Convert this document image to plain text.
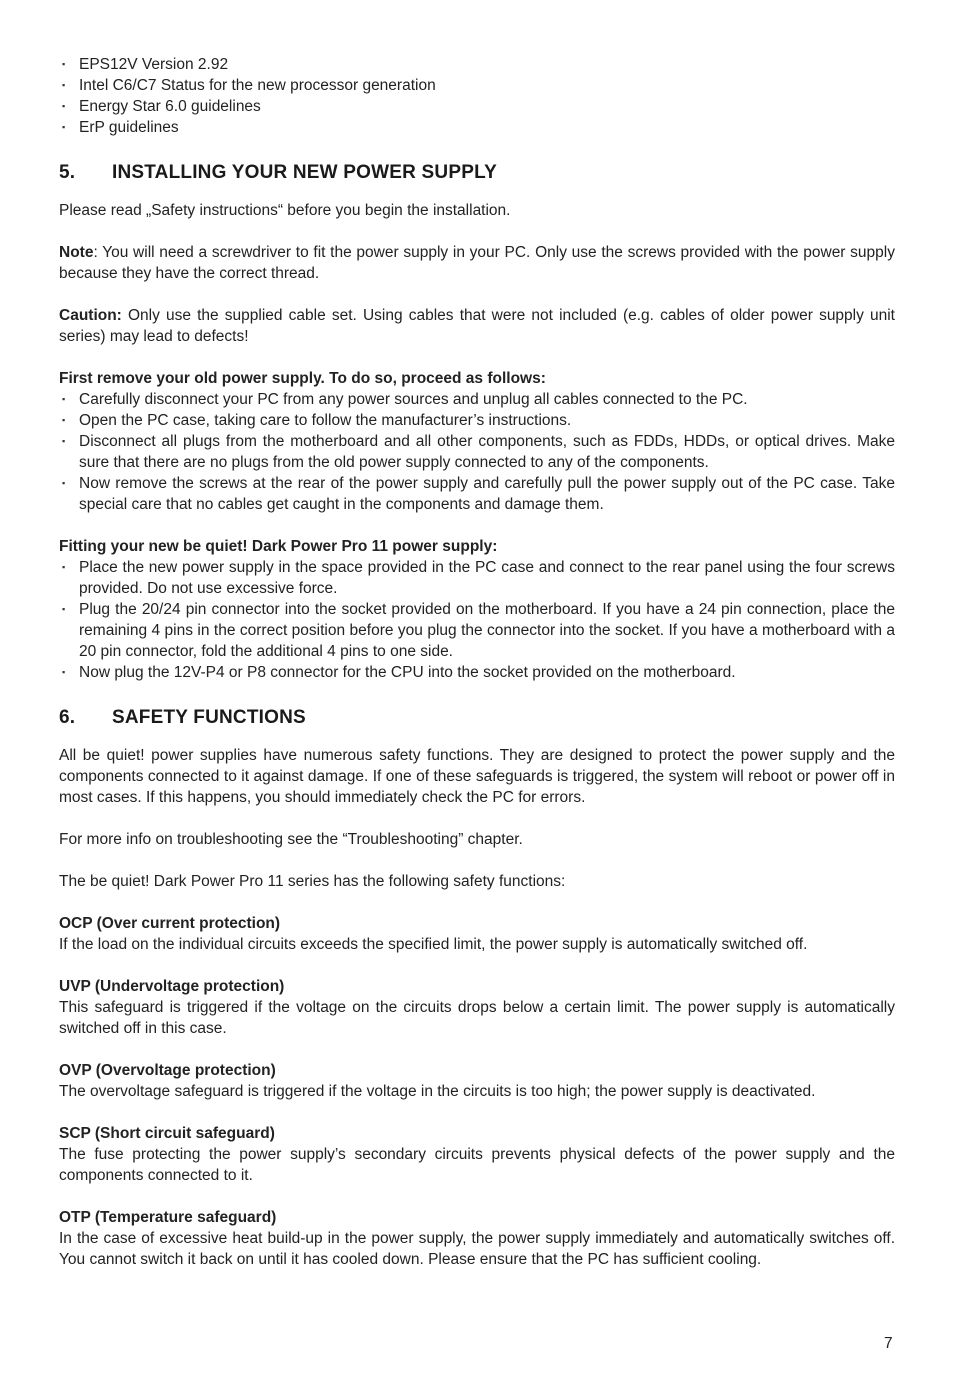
▪ EPS12V Version 2.92
▪ Intel C6/C7 Status for the new processor generation
▪ Energy Star 6.0 guidelines
▪ ErP guidelines
5. INSTALLING YOUR NEW POWER SUPPLY

Please read „Safety instructions“ before you begin the installation.

Note: You will need a screwdriver to fit the power supply in your PC. Only use the screws provided with the power supply because they have the correct thread.

Caution: Only use the supplied cable set. Using cables that were not included (e.g. cables of older power supply unit series) may lead to defects!

First remove your old power supply. To do so, proceed as follows:

▪ Carefully disconnect your PC from any power sources and unplug all cables connected to the PC.
▪ Open the PC case, taking care to follow the manufacturer’s instructions.
▪ Disconnect all plugs from the motherboard and all other components, such as FDDs, HDDs, or optical drives. Make sure that there are no plugs from the old power supply connected to any of the components.
▪ Now remove the screws at the rear of the power supply and carefully pull the power supply out of the PC case. Take special care that no cables get caught in the components and damage them.

Fitting your new be quiet! Dark Power Pro 11 power supply:

▪ Place the new power supply in the space provided in the PC case and connect to the rear panel using the four screws provided. Do not use excessive force.
▪ Plug the 20/24 pin connector into the socket provided on the motherboard. If you have a 24 pin connection, place the remaining 4 pins in the correct position before you plug the connector into the socket. If you have a motherboard with a 20 pin connector, fold the additional 4 pins to one side.
▪ Now plug the 12V-P4 or P8 connector for the CPU into the socket provided on the motherboard.
6. SAFETY FUNCTIONS

All be quiet! power supplies have numerous safety functions. They are designed to protect the power supply and the components connected to it against damage. If one of these safeguards is triggered, the system will reboot or power off in most cases. If this happens, you should immediately check the PC for errors.

For more info on troubleshooting see the “Troubleshooting” chapter.

The be quiet! Dark Power Pro 11 series has the following safety functions:

OCP (Over current protection)

If the load on the individual circuits exceeds the specified limit, the power supply is automatically switched off.

UVP (Undervoltage protection)

This safeguard is triggered if the voltage on the circuits drops below a certain limit. The power supply is automatically switched off in this case.

OVP (Overvoltage protection)

The overvoltage safeguard is triggered if the voltage in the circuits is too high; the power supply is deactivated.

SCP (Short circuit safeguard)

The fuse protecting the power supply’s secondary circuits prevents physical defects of the power supply and the components connected to it.

OTP (Temperature safeguard)

In the case of excessive heat build-up in the power supply, the power supply immediately and automatically switches off. You cannot switch it back on until it has cooled down. Please ensure that the PC has sufficient cooling.

7
